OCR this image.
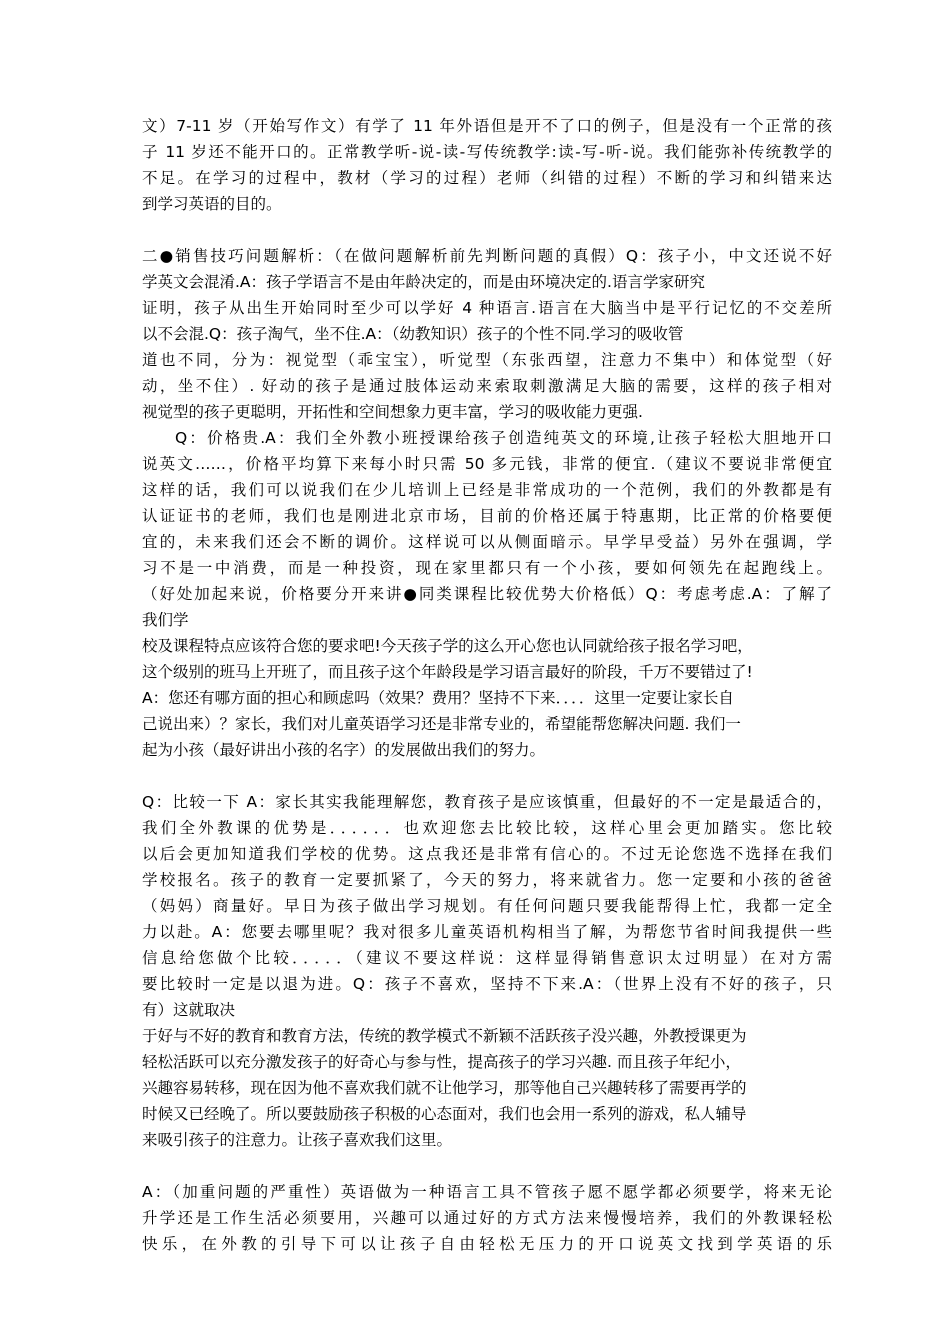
文）7-11 岁（开始写作文）有学了 11 年外语但是开不了口的例子，但是没有一个正常的孩
子 11 岁还不能开口的。正常教学听-说-读-写传统教学:读-写-听-说。我们能弥补传统教学的
不足。在学习的过程中，教材（学习的过程）老师（纠错的过程）不断的学习和纠错来达
到学习英语的目的。
二●销售技巧问题解析：（在做问题解析前先判断问题的真假）Q：孩子小，中文还说不好
学英文会混淆.A：孩子学语言不是由年龄决定的，而是由环境决定的.语言学家研究
证明，孩子从出生开始同时至少可以学好 4 种语言.语言在大脑当中是平行记忆的不交差所
以不会混.Q：孩子淘气，坐不住.A：（幼教知识）孩子的个性不同.学习的吸收管
道也不同，分为：视觉型（乖宝宝），听觉型（东张西望，注意力不集中）和体觉型（好
动，坐不住）. 好动的孩子是通过肢体运动来索取刺激满足大脑的需要，这样的孩子相对
视觉型的孩子更聪明，开拓性和空间想象力更丰富，学习的吸收能力更强.
Q：价格贵.A：我们全外教小班授课给孩子创造纯英文的环境,让孩子轻松大胆地开口
说英文……，价格平均算下来每小时只需 50 多元钱，非常的便宜.（建议不要说非常便宜
这样的话，我们可以说我们在少儿培训上已经是非常成功的一个范例，我们的外教都是有
认证证书的老师，我们也是刚进北京市场，目前的价格还属于特惠期，比正常的价格要便
宜的，未来我们还会不断的调价。这样说可以从侧面暗示。早学早受益）另外在强调，学
习不是一中消费，而是一种投资，现在家里都只有一个小孩，要如何领先在起跑线上。
（好处加起来说，价格要分开来讲●同类课程比较优势大价格低）Q：考虑考虑.A：了解了
我们学
校及课程特点应该符合您的要求吧!今天孩子学的这么开心您也认同就给孩子报名学习吧，
这个级别的班马上开班了，而且孩子这个年龄段是学习语言最好的阶段，千万不要错过了!
A：您还有哪方面的担心和顾虑吗（效果？费用？坚持不下来．．．．这里一定要让家长自
己说出来）？家长，我们对儿童英语学习还是非常专业的，希望能帮您解决问题. 我们一
起为小孩（最好讲出小孩的名字）的发展做出我们的努力。
Q：比较一下 A：家长其实我能理解您，教育孩子是应该慎重，但最好的不一定是最适合的，
我们全外教课的优势是．．．．．．也欢迎您去比较比较，这样心里会更加踏实。您比较
以后会更加知道我们学校的优势。这点我还是非常有信心的。不过无论您选不选择在我们
学校报名。孩子的教育一定要抓紧了，今天的努力，将来就省力。您一定要和小孩的爸爸
（妈妈）商量好。早日为孩子做出学习规划。有任何问题只要我能帮得上忙，我都一定全
力以赴。A：您要去哪里呢？我对很多儿童英语机构相当了解，为帮您节省时间我提供一些
信息给您做个比较．．．．．（建议不要这样说：这样显得销售意识太过明显）在对方需
要比较时一定是以退为进。Q：孩子不喜欢，坚持不下来.A：（世界上没有不好的孩子，只
有）这就取决
于好与不好的教育和教育方法，传统的教学模式不新颖不活跃孩子没兴趣，外教授课更为
轻松活跃可以充分激发孩子的好奇心与参与性，提高孩子的学习兴趣. 而且孩子年纪小，
兴趣容易转移，现在因为他不喜欢我们就不让他学习，那等他自己兴趣转移了需要再学的
时候又已经晚了。所以要鼓励孩子积极的心态面对，我们也会用一系列的游戏，私人辅导
来吸引孩子的注意力。让孩子喜欢我们这里。
A：（加重问题的严重性）英语做为一种语言工具不管孩子愿不愿学都必须要学，将来无论
升学还是工作生活必须要用，兴趣可以通过好的方式方法来慢慢培养，我们的外教课轻松
快乐，在外教的引导下可以让孩子自由轻松无压力的开口说英文找到学英语的乐
